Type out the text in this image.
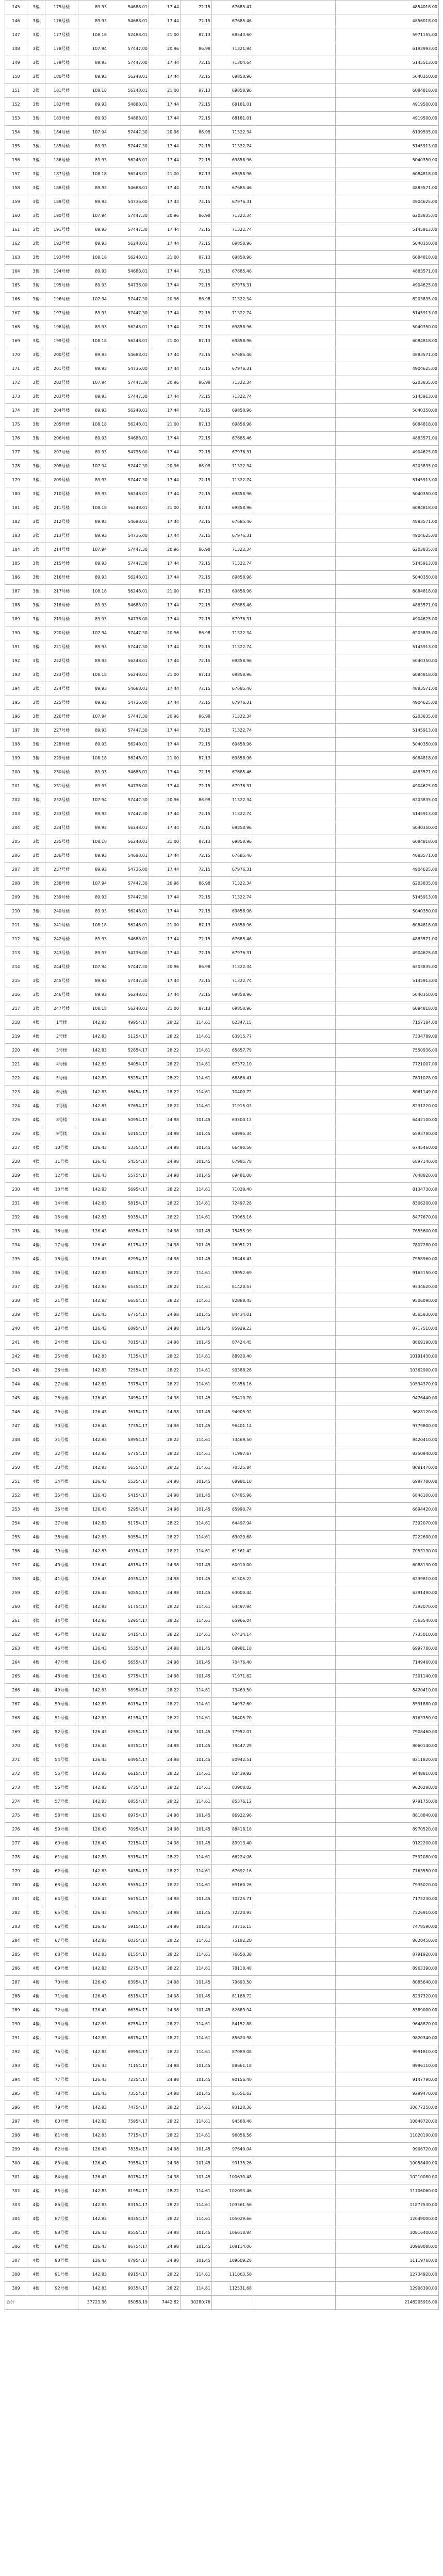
145	3楼	175号楼	89.93	54688.01	17.44	72.15	67685.47		4854018.00
146	3楼	176号楼	89.93	54688.01	17.44	72.15	67685.46		4856018.00
147	3楼	177号楼	108.18	52488.01	21.00	87.13	68543.60		5971155.00
148	3楼	178号楼	107.94	57447.00	20.96	86.98	71321.94		6193993.00
149	3楼	179号楼	89.93	57447.00	17.44	72.15	71304.64		5145513.00
150	3楼	180号楼	89.93	56248.01	17.44	72.15	69858.96		5040350.00
151	3楼	181号楼	108.18	56248.01	21.00	87.13	69858.96		6084818.00
152	3楼	182号楼	89.93	54888.01	17.44	72.15	68181.01		4919500.00
153	3楼	183号楼	89.93	54888.01	17.44	72.15	68181.01		4919500.00
154	3楼	184号楼	107.94	57447.30	20.96	86.98	71322.34		6199595.00
155	3楼	185号楼	89.93	57447.30	17.44	72.15	71322.74		5145913.00
156	3楼	186号楼	89.93	56248.01	17.44	72.15	69858.96		5040350.00
157	3楼	187号楼	108.18	56248.01	21.00	87.13	69858.96		6084818.00
158	3楼	188号楼	89.93	54688.01	17.44	72.15	67685.46		4883571.00
159	3楼	189号楼	89.93	54736.00	17.44	72.15	67976.31		4904625.00
160	3楼	190号楼	107.94	57447.30	20.96	86.98	71322.34		6203835.00
161	3楼	191号楼	89.93	57447.30	17.44	72.15	71322.74		5145913.00
162	3楼	192号楼	89.93	56248.01	17.44	72.15	69858.96		5040350.00
163	3楼	193号楼	108.18	56248.01	21.00	87.13	69858.96		6084818.00
164	3楼	194号楼	89.93	54688.01	17.44	72.15	67685.46		4883571.00
165	3楼	195号楼	89.93	54736.00	17.44	72.15	67976.31		4904625.00
166	3楼	196号楼	107.94	57447.30	20.96	86.98	71322.34		6203835.00
167	3楼	197号楼	89.93	57447.30	17.44	72.15	71322.74		5145913.00
168	3楼	198号楼	89.93	56248.01	17.44	72.15	69858.96		5040350.00
169	3楼	199号楼	108.18	56248.01	21.00	87.13	69858.96		6084818.00
170	3楼	200号楼	89.93	54688.01	17.44	72.15	67685.46		4883571.00
171	3楼	201号楼	89.93	54736.00	17.44	72.15	67976.31		4904625.00
172	3楼	202号楼	107.94	57447.30	20.96	86.98	71322.34		6203835.00
173	3楼	203号楼	89.93	57447.30	17.44	72.15	71322.74		5145913.00
174	3楼	204号楼	89.93	56248.01	17.44	72.15	69858.96		5040350.00
175	3楼	205号楼	108.18	56248.01	21.00	87.13	69858.96		6084818.00
176	3楼	206号楼	89.93	54688.01	17.44	72.15	67685.46		4883571.00
177	3楼	207号楼	89.93	54736.00	17.44	72.15	67976.31		4904625.00
178	3楼	208号楼	107.94	57447.30	20.96	86.98	71322.34		6203835.00
179	3楼	209号楼	89.93	57447.30	17.44	72.15	71322.74		5145913.00
180	3楼	210号楼	89.93	56248.01	17.44	72.15	69858.96		5040350.00
181	3楼	211号楼	108.18	56248.01	21.00	87.13	69858.96		6084818.00
182	3楼	212号楼	89.93	54688.01	17.44	72.15	67685.46		4883571.00
183	3楼	213号楼	89.93	54736.00	17.44	72.15	67976.31		4904625.00
184	3楼	214号楼	107.94	57447.30	20.96	86.98	71322.34		6203835.00
185	3楼	215号楼	89.93	57447.30	17.44	72.15	71322.74		5145913.00
186	3楼	216号楼	89.93	56248.01	17.44	72.15	69858.96		5040350.00
187	3楼	217号楼	108.18	56248.01	21.00	87.13	69858.96		6084818.00
188	3楼	218号楼	89.93	54688.01	17.44	72.15	67685.46		4883571.00
189	3楼	219号楼	89.93	54736.00	17.44	72.15	67976.31		4904625.00
190	3楼	220号楼	107.94	57447.30	20.96	86.98	71322.34		6203835.00
191	3楼	221号楼	89.93	57447.30	17.44	72.15	71322.74		5145913.00
192	3楼	222号楼	89.93	56248.01	17.44	72.15	69858.96		5040350.00
193	3楼	223号楼	108.18	56248.01	21.00	87.13	69858.96		6084818.00
194	3楼	224号楼	89.93	54688.01	17.44	72.15	67685.46		4883571.00
195	3楼	225号楼	89.93	54736.00	17.44	72.15	67976.31		4904625.00
196	3楼	226号楼	107.94	57447.30	20.96	86.98	71322.34		6203835.00
197	3楼	227号楼	89.93	57447.30	17.44	72.15	71322.74		5145913.00
198	3楼	228号楼	89.93	56248.01	17.44	72.15	69858.96		5040350.00
199	3楼	229号楼	108.18	56248.01	21.00	87.13	69858.96		6084818.00
200	3楼	230号楼	89.93	54688.01	17.44	72.15	67685.46		4883571.00
201	3楼	231号楼	89.93	54736.00	17.44	72.15	67976.31		4904625.00
202	3楼	232号楼	107.94	57447.30	20.96	86.98	71322.34		6203835.00
203	3楼	233号楼	89.93	57447.30	17.44	72.15	71322.74		5145913.00
204	3楼	234号楼	89.93	56248.01	17.44	72.15	69858.96		5040350.00
205	3楼	235号楼	108.18	56248.01	21.00	87.13	69858.96		6084818.00
206	3楼	236号楼	89.93	54688.01	17.44	72.15	67685.46		4883571.00
207	3楼	237号楼	89.93	54736.00	17.44	72.15	67976.31		4904625.00
208	3楼	238号楼	107.94	57447.30	20.96	86.98	71322.34		6203835.00
209	3楼	239号楼	89.93	57447.30	17.44	72.15	71322.74		5145913.00
210	3楼	240号楼	89.93	56248.01	17.44	72.15	69858.96		5040350.00
211	3楼	241号楼	108.18	56248.01	21.00	87.13	69858.96		6084818.00
212	3楼	242号楼	89.93	54688.01	17.44	72.15	67685.46		4883571.00
213	3楼	243号楼	89.93	54736.00	17.44	72.15	67976.31		4904625.00
214	3楼	244号楼	107.94	57447.30	20.96	86.98	71322.34		6203835.00
215	3楼	245号楼	89.93	57447.30	17.44	72.15	71322.74		5145913.00
216	3楼	246号楼	89.93	56248.01	17.44	72.15	69858.96		5040350.00
217	3楼	247号楼	108.18	56248.01	21.00	87.13	69858.96		6084818.00
218	4楼	1号楼	142.83	49954.17	28.22	114.61	62347.15		7157184.00
219	4楼	2号楼	142.83	51254.17	28.22	114.61	63915.77		7334789.00
220	4楼	3号楼	142.83	52854.17	28.22	114.61	65857.79		7550936.00
221	4楼	4号楼	142.83	54054.17	28.22	114.61	67372.10		7721007.00
222	4楼	5号楼	142.83	55254.17	28.22	114.61	68886.41		7891078.00
223	4楼	6号楼	142.83	56454.17	28.22	114.61	70400.72		8061149.00
224	4楼	7号楼	142.83	57654.17	28.22	114.61	71915.03		8231220.00
225	4楼	8号楼	126.43	50954.17	24.98	101.45	63500.12		6442100.00
226	4楼	9号楼	126.43	52154.17	24.98	101.45	64995.34		6593780.00
227	4楼	10号楼	126.43	53354.17	24.98	101.45	66490.56		6745460.00
228	4楼	11号楼	126.43	54554.17	24.98	101.45	67985.78		6897140.00
229	4楼	12号楼	126.43	55754.17	24.98	101.45	69481.00		7048820.00
230	4楼	13号楼	142.83	56954.17	28.22	114.61	71029.40		8134730.00
231	4楼	14号楼	142.83	58154.17	28.22	114.61	72497.28		8306200.00
232	4楼	15号楼	142.83	59354.17	28.22	114.61	73965.16		8477670.00
233	4楼	16号楼	126.43	60554.17	24.98	101.45	75455.99		7655600.00
234	4楼	17号楼	126.43	61754.17	24.98	101.45	76951.21		7807280.00
235	4楼	18号楼	126.43	62954.17	24.98	101.45	78446.43		7958960.00
236	4楼	19号楼	142.83	64154.17	28.22	114.61	79952.69		9163150.00
237	4楼	20号楼	142.83	65354.17	28.22	114.61	81420.57		9334620.00
238	4楼	21号楼	142.83	66554.17	28.22	114.61	82888.45		9506090.00
239	4楼	22号楼	126.43	67754.17	24.98	101.45	84434.01		8565830.00
240	4楼	23号楼	126.43	68954.17	24.98	101.45	85929.23		8717510.00
241	4楼	24号楼	126.43	70154.17	24.98	101.45	87424.45		8869190.00
242	4楼	25号楼	142.83	71354.17	28.22	114.61	88920.40		10191430.00
243	4楼	26号楼	142.83	72554.17	28.22	114.61	90388.28		10362900.00
244	4楼	27号楼	142.83	73754.17	28.22	114.61	91856.16		10534370.00
245	4楼	28号楼	126.43	74954.17	24.98	101.45	93410.70		9476440.00
246	4楼	29号楼	126.43	76154.17	24.98	101.45	94905.92		9628120.00
247	4楼	30号楼	126.43	77354.17	24.98	101.45	96401.14		9779800.00
248	4楼	31号楼	142.83	58954.17	28.22	114.61	73469.50		8420410.00
249	4楼	32号楼	142.83	57754.17	28.22	114.61	71997.67		8250940.00
250	4楼	33号楼	142.83	56554.17	28.22	114.61	70525.84		8081470.00
251	4楼	34号楼	126.43	55354.17	24.98	101.45	68981.18		6997780.00
252	4楼	35号楼	126.43	54154.17	24.98	101.45	67485.96		6846100.00
253	4楼	36号楼	126.43	52954.17	24.98	101.45	65990.74		6694420.00
254	4楼	37号楼	142.83	51754.17	28.22	114.61	64497.94		7392070.00
255	4楼	38号楼	142.83	50554.17	28.22	114.61	63029.68		7222600.00
256	4楼	39号楼	142.83	49354.17	28.22	114.61	61561.42		7053130.00
257	4楼	40号楼	126.43	48154.17	24.98	101.45	60010.00		6088130.00
258	4楼	41号楼	126.43	49354.17	24.98	101.45	61505.22		6239810.00
259	4楼	42号楼	126.43	50554.17	24.98	101.45	63000.44		6391490.00
260	4楼	43号楼	142.83	51754.17	28.22	114.61	64497.94		7392070.00
261	4楼	44号楼	142.83	52954.17	28.22	114.61	65966.04		7563540.00
262	4楼	45号楼	142.83	54154.17	28.22	114.61	67434.14		7735010.00
263	4楼	46号楼	126.43	55354.17	24.98	101.45	68981.18		6997780.00
264	4楼	47号楼	126.43	56554.17	24.98	101.45	70476.40		7149460.00
265	4楼	48号楼	126.43	57754.17	24.98	101.45	71971.62		7301140.00
266	4楼	49号楼	142.83	58954.17	28.22	114.61	73469.50		8420410.00
267	4楼	50号楼	142.83	60154.17	28.22	114.61	74937.60		8591880.00
268	4楼	51号楼	142.83	61354.17	28.22	114.61	76405.70		8763350.00
269	4楼	52号楼	126.43	62554.17	24.98	101.45	77952.07		7908460.00
270	4楼	53号楼	126.43	63754.17	24.98	101.45	79447.29		8060140.00
271	4楼	54号楼	126.43	64954.17	24.98	101.45	80942.51		8211820.00
272	4楼	55号楼	142.83	66154.17	28.22	114.61	82439.92		9448810.00
273	4楼	56号楼	142.83	67354.17	28.22	114.61	83908.02		9620280.00
274	4楼	57号楼	142.83	68554.17	28.22	114.61	85376.12		9791750.00
275	4楼	58号楼	126.43	69754.17	24.98	101.45	86922.96		8818840.00
276	4楼	59号楼	126.43	70954.17	24.98	101.45	88418.18		8970520.00
277	4楼	60号楼	126.43	72154.17	24.98	101.45	89913.40		9122200.00
278	4楼	61号楼	142.83	53154.17	28.22	114.61	66224.06		7592080.00
279	4楼	62号楼	142.83	54354.17	28.22	114.61	67692.16		7763550.00
280	4楼	63号楼	142.83	55554.17	28.22	114.61	69160.26		7935020.00
281	4楼	64号楼	126.43	56754.17	24.98	101.45	70725.71		7175230.00
282	4楼	65号楼	126.43	57954.17	24.98	101.45	72220.93		7326910.00
283	4楼	66号楼	126.43	59154.17	24.98	101.45	73716.15		7478590.00
284	4楼	67号楼	142.83	60354.17	28.22	114.61	75182.28		8620450.00
285	4楼	68号楼	142.83	61554.17	28.22	114.61	76650.38		8791920.00
286	4楼	69号楼	142.83	62754.17	28.22	114.61	78118.48		8963390.00
287	4楼	70号楼	126.43	63954.17	24.98	101.45	79693.50		8085640.00
288	4楼	71号楼	126.43	65154.17	24.98	101.45	81188.72		8237320.00
289	4楼	72号楼	126.43	66354.17	24.98	101.45	82683.94		8389000.00
290	4楼	73号楼	142.83	67554.17	28.22	114.61	84152.88		9648870.00
291	4楼	74号楼	142.83	68754.17	28.22	114.61	85620.98		9820340.00
292	4楼	75号楼	142.83	69954.17	28.22	114.61	87089.08		9991810.00
293	4楼	76号楼	126.43	71154.17	24.98	101.45	88661.18		8996110.00
294	4楼	77号楼	126.43	72354.17	24.98	101.45	90156.40		9147790.00
295	4楼	78号楼	126.43	73554.17	24.98	101.45	91651.62		9299470.00
296	4楼	79号楼	142.83	74754.17	28.22	114.61	93120.36		10677250.00
297	4楼	80号楼	142.83	75954.17	28.22	114.61	94588.46		10848720.00
298	4楼	81号楼	142.83	77154.17	28.22	114.61	96056.56		11020190.00
299	4楼	82号楼	126.43	78354.17	24.98	101.45	97640.04		9906720.00
300	4楼	83号楼	126.43	79554.17	24.98	101.45	99135.26		10058400.00
301	4楼	84号楼	126.43	80754.17	24.98	101.45	100630.48		10210080.00
302	4楼	85号楼	142.83	81954.17	28.22	114.61	102093.46		11706060.00
303	4楼	86号楼	142.83	83154.17	28.22	114.61	103561.56		11877530.00
304	4楼	87号楼	142.83	84354.17	28.22	114.61	105029.66		12049000.00
305	4楼	88号楼	126.43	85554.17	24.98	101.45	106618.84		10816400.00
306	4楼	89号楼	126.43	86754.17	24.98	101.45	108114.06		10968080.00
307	4楼	90号楼	126.43	87954.17	24.98	101.45	109609.28		11119760.00
308	4楼	91号楼	142.83	89154.17	28.22	114.61	111063.58		12734920.00
309	4楼	92号楼	142.83	90354.17	28.22	114.61	112531.68		12906390.00
合计			37723.38	95058.19	7442.62	30280.76			2146205918.00
